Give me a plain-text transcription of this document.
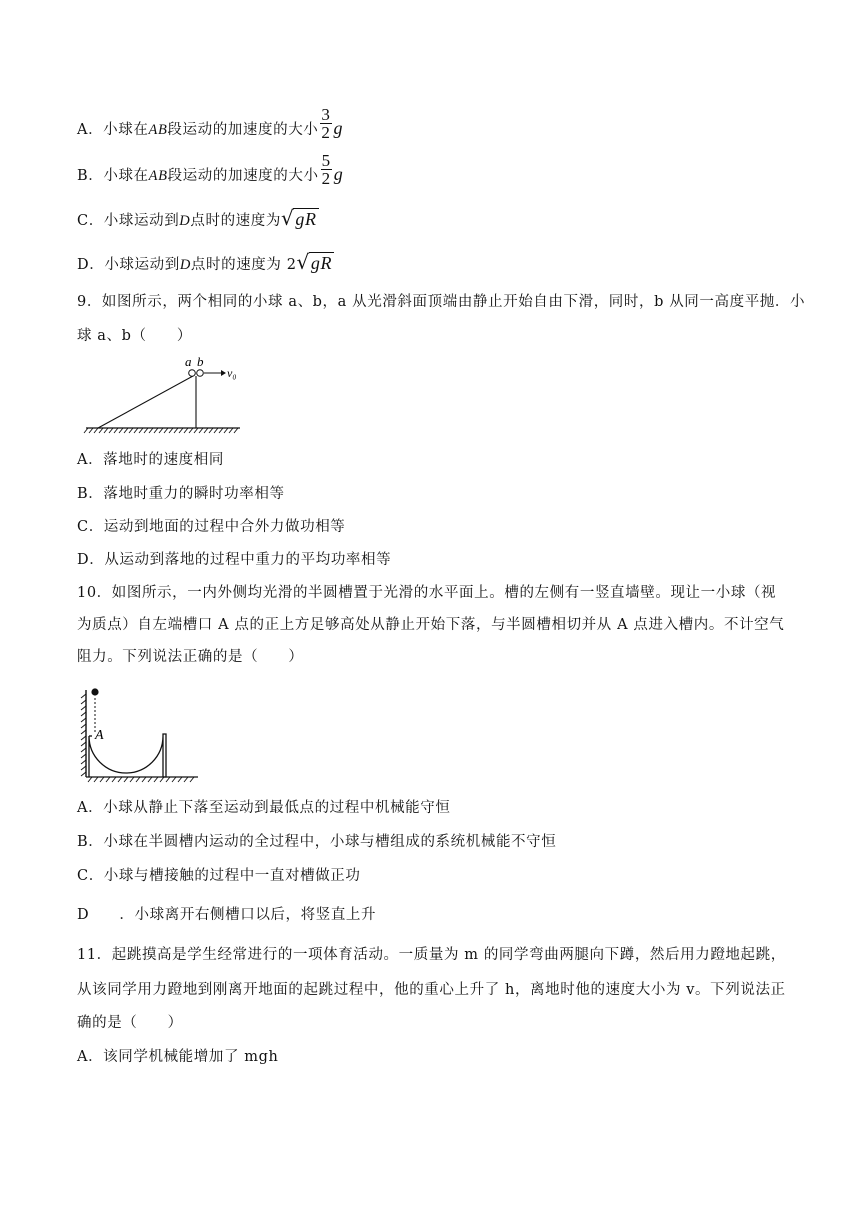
A．小球在AB段运动的加速度的大小 $\frac{3}{2}$ g
B．小球在AB段运动的加速度的大小 $\frac{5}{2}$ g
C．小球运动到D点时的速度为√gR
D．小球运动到D点时的速度为 2√gR
9．如图所示，两个相同的小球 a、b，a 从光滑斜面顶端由静止开始自由下滑，同时，b 从同一高度平抛．小
球 a、b（　　）
a b
v₀
A．落地时的速度相同
B．落地时重力的瞬时功率相等
C．运动到地面的过程中合外力做功相等
D．从运动到落地的过程中重力的平均功率相等
10．如图所示，一内外侧均光滑的半圆槽置于光滑的水平面上。槽的左侧有一竖直墙壁。现让一小球（视
为质点）自左端槽口 A 点的正上方足够高处从静止开始下落，与半圆槽相切并从 A 点进入槽内。不计空气
阻力。下列说法正确的是（　　）
A
A．小球从静止下落至运动到最低点的过程中机械能守恒
B．小球在半圆槽内运动的全过程中，小球与槽组成的系统机械能不守恒
C．小球与槽接触的过程中一直对槽做正功
D　　．小球离开右侧槽口以后，将竖直上升
11．起跳摸高是学生经常进行的一项体育活动。一质量为 m 的同学弯曲两腿向下蹲，然后用力蹬地起跳，
从该同学用力蹬地到刚离开地面的起跳过程中，他的重心上升了 h，离地时他的速度大小为 v。下列说法正
确的是（　　）
A．该同学机械能增加了 mgh
